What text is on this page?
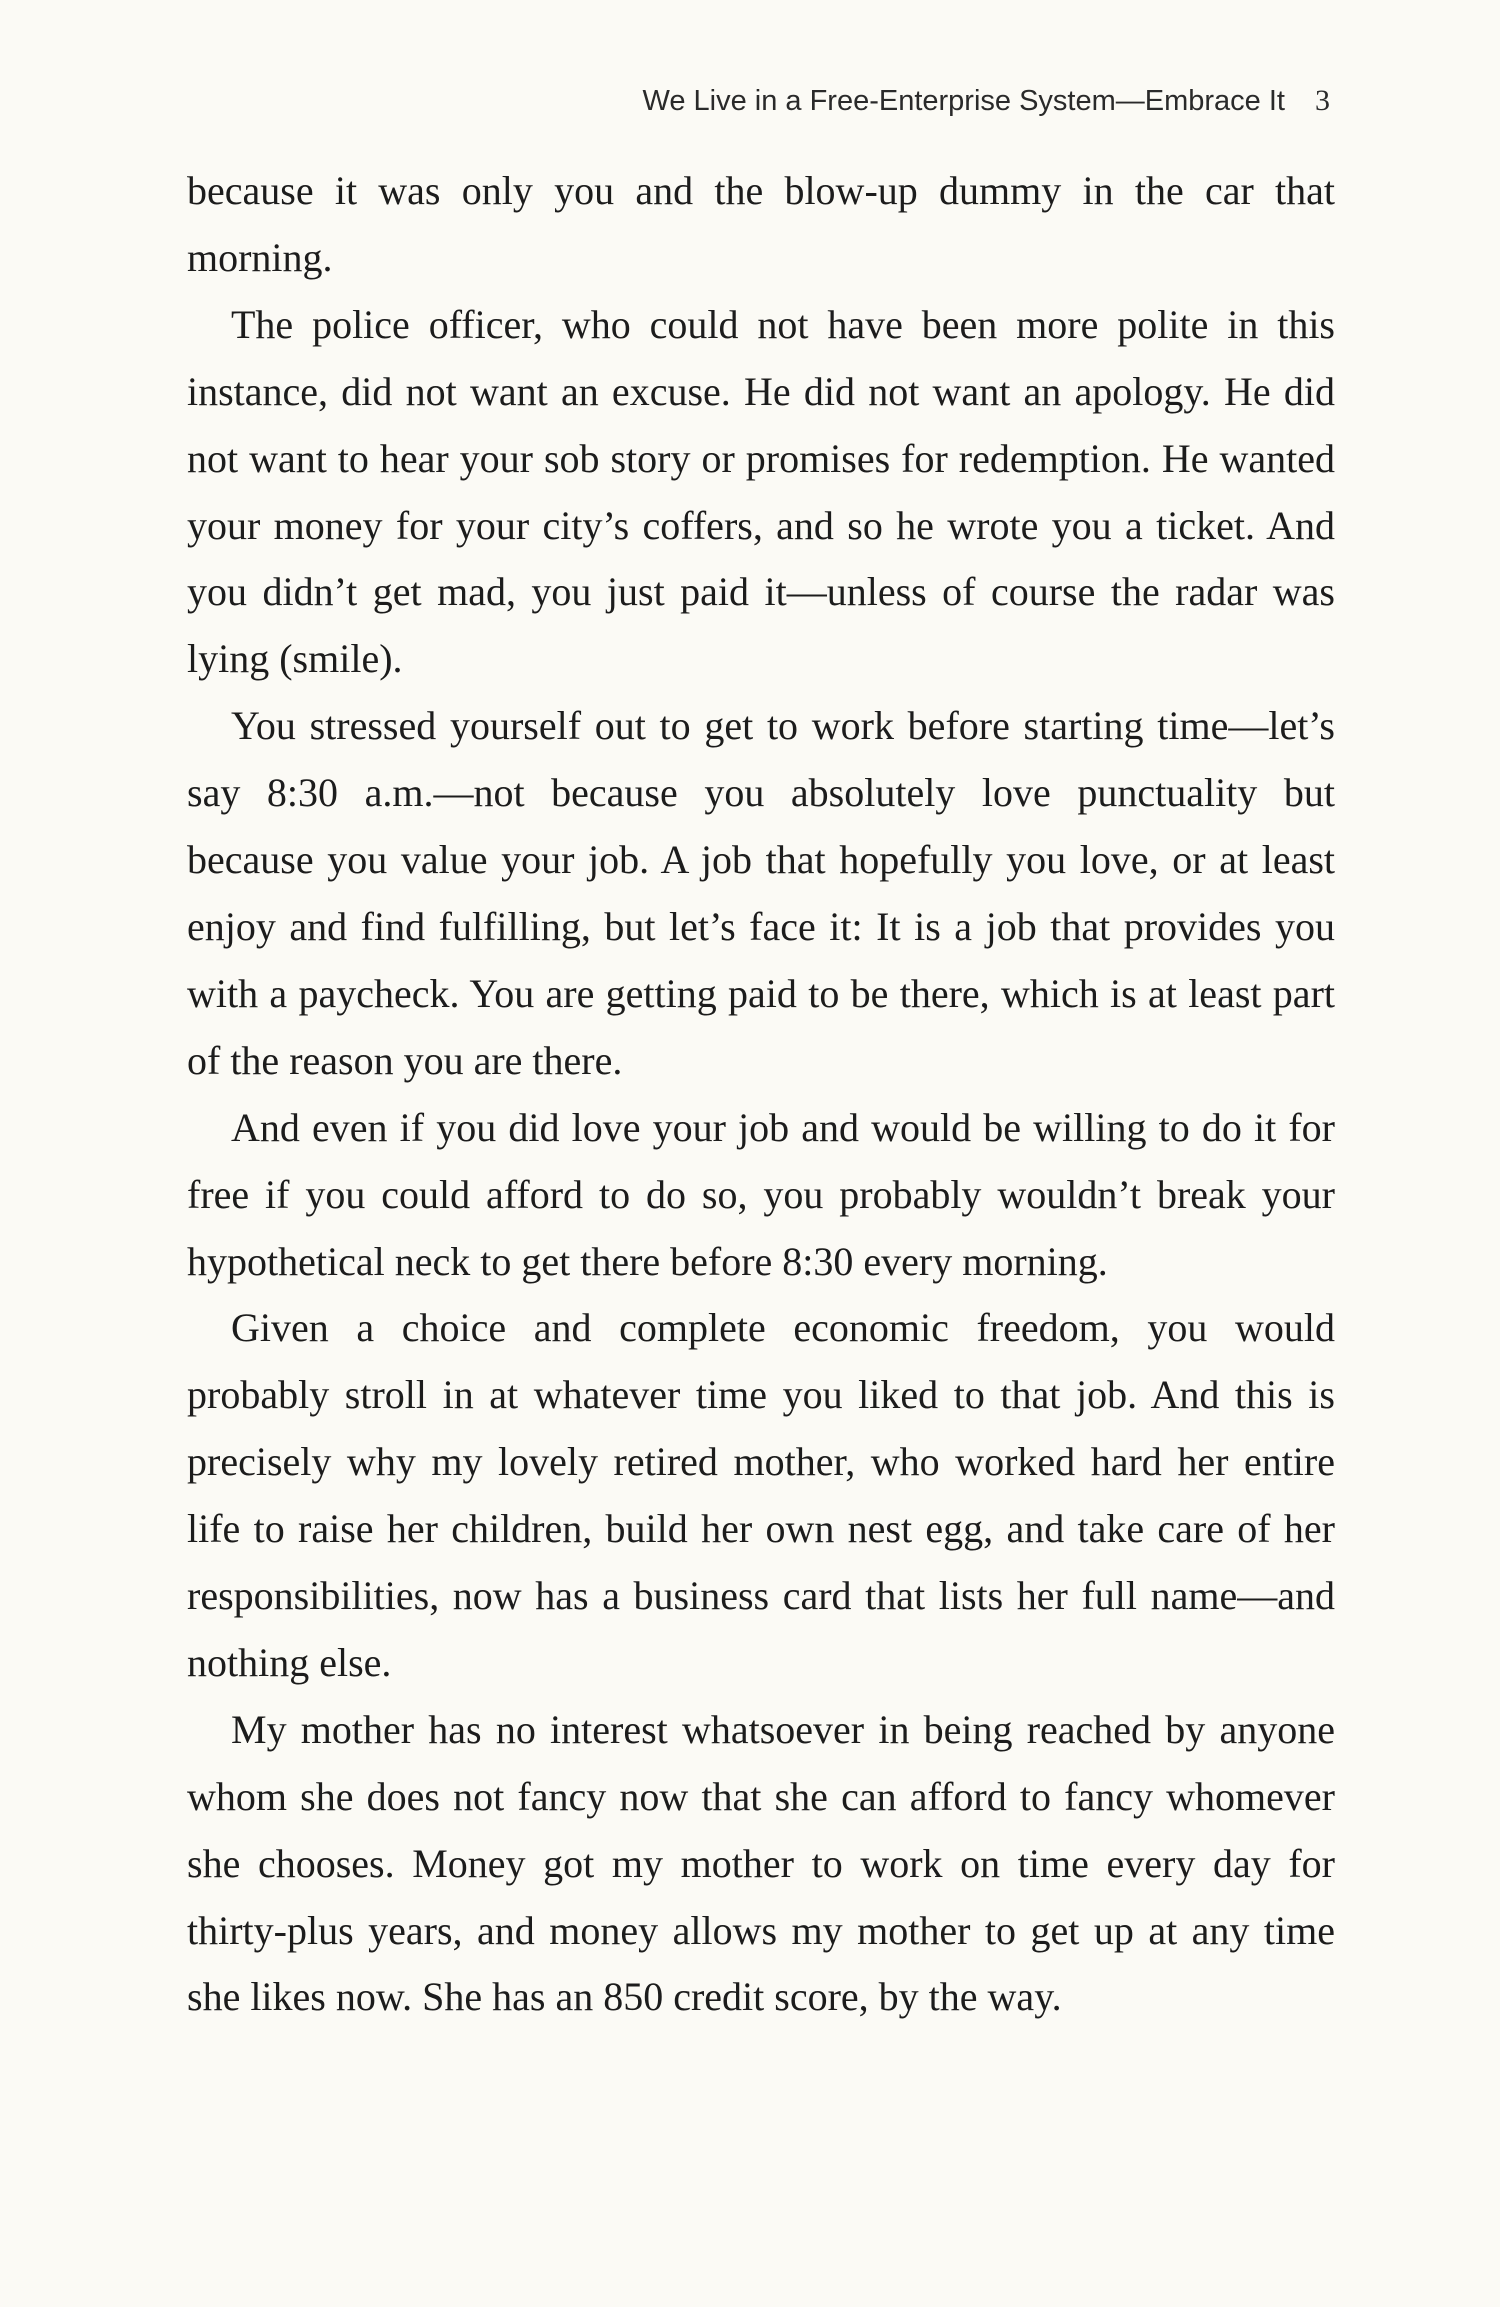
We Live in a Free-Enterprise System—Embrace It 3

because it was only you and the blow-up dummy in the car that morning.

The police officer, who could not have been more polite in this instance, did not want an excuse. He did not want an apology. He did not want to hear your sob story or promises for redemption. He wanted your money for your city’s coffers, and so he wrote you a ticket. And you didn’t get mad, you just paid it—unless of course the radar was lying (smile).

You stressed yourself out to get to work before starting time—let’s say 8:30 a.m.—not because you absolutely love punctuality but because you value your job. A job that hopefully you love, or at least enjoy and find fulfilling, but let’s face it: It is a job that provides you with a paycheck. You are getting paid to be there, which is at least part of the reason you are there.

And even if you did love your job and would be willing to do it for free if you could afford to do so, you probably wouldn’t break your hypothetical neck to get there before 8:30 every morning.

Given a choice and complete economic freedom, you would probably stroll in at whatever time you liked to that job. And this is precisely why my lovely retired mother, who worked hard her entire life to raise her children, build her own nest egg, and take care of her responsibilities, now has a business card that lists her full name—and nothing else.

My mother has no interest whatsoever in being reached by anyone whom she does not fancy now that she can afford to fancy whomever she chooses. Money got my mother to work on time every day for thirty-plus years, and money allows my mother to get up at any time she likes now. She has an 850 credit score, by the way.
